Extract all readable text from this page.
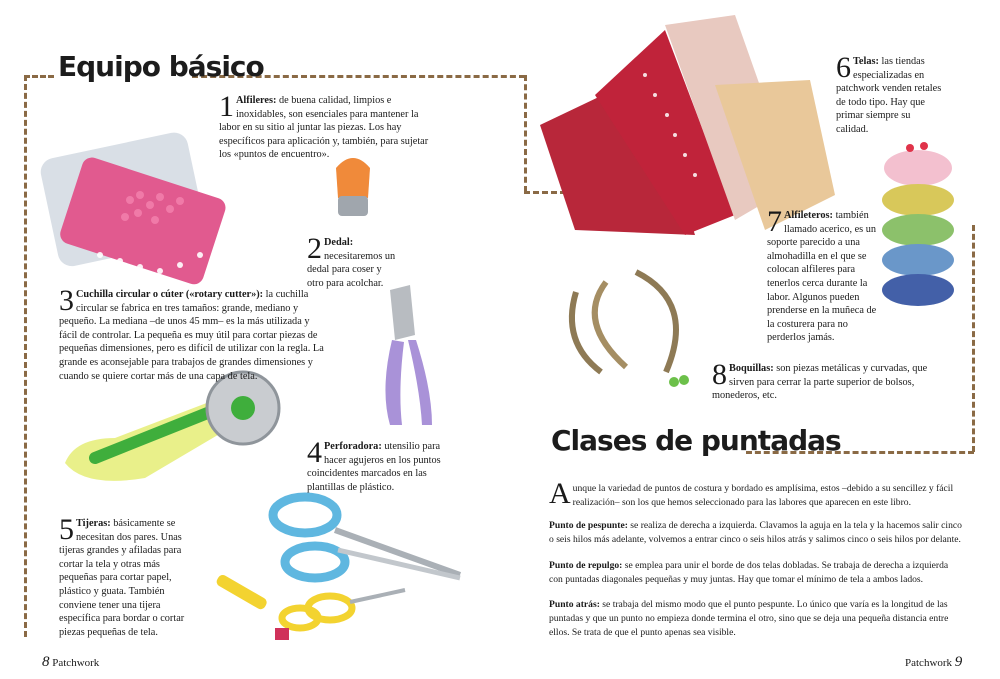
Equipo básico
Clases de puntadas
1 Alfileres: de buena calidad, limpios e inoxidables, son esenciales para mantener la labor en su sitio al juntar las piezas. Los hay específicos para aplicación y, también, para sujetar los «puntos de encuentro».
2 Dedal: necesitaremos un dedal para coser y otro para acolchar.
3 Cuchilla circular o cúter («rotary cutter»): la cuchilla circular se fabrica en tres tamaños: grande, mediano y pequeño. La mediana –de unos 45 mm– es la más utilizada y fácil de controlar. La pequeña es muy útil para cortar piezas de pequeñas dimensiones, pero es difícil de utilizar con la regla. La grande es aconsejable para trabajos de grandes dimensiones y cuando se quiere cortar más de una capa de tela.
4 Perforadora: utensilio para hacer agujeros en los puntos coincidentes marcados en las plantillas de plástico.
5 Tijeras: básicamente se necesitan dos pares. Unas tijeras grandes y afiladas para cortar la tela y otras más pequeñas para cortar papel, plástico y guata. También conviene tener una tijera específica para bordar o cortar piezas pequeñas de tela.
6 Telas: las tiendas especializadas en patchwork venden retales de todo tipo. Hay que primar siempre su calidad.
7 Alfileteros: también llamado acerico, es un soporte parecido a una almohadilla en el que se colocan alfileres para tenerlos cerca durante la labor. Algunos pueden prenderse en la muñeca de la costurera para no perderlos jamás.
8 Boquillas: son piezas metálicas y curvadas, que sirven para cerrar la parte superior de bolsos, monederos, etc.
A unque la variedad de puntos de costura y bordado es amplísima, estos –debido a su sencillez y fácil realización– son los que hemos seleccionado para las labores que aparecen en este libro.
Punto de pespunte: se realiza de derecha a izquierda. Clavamos la aguja en la tela y la hacemos salir cinco o seis hilos más adelante, volvemos a entrar cinco o seis hilos atrás y salimos cinco o seis hilos por delante.
Punto de repulgo: se emplea para unir el borde de dos telas dobladas. Se trabaja de derecha a izquierda con puntadas diagonales pequeñas y muy juntas. Hay que tomar el mínimo de tela a ambos lados.
Punto atrás: se trabaja del mismo modo que el punto pespunte. Lo único que varía es la longitud de las puntadas y que un punto no empieza donde termina el otro, sino que se deja una pequeña distancia entre ellos. Se trata de que el punto apenas sea visible.
8 Patchwork	Patchwork 9
